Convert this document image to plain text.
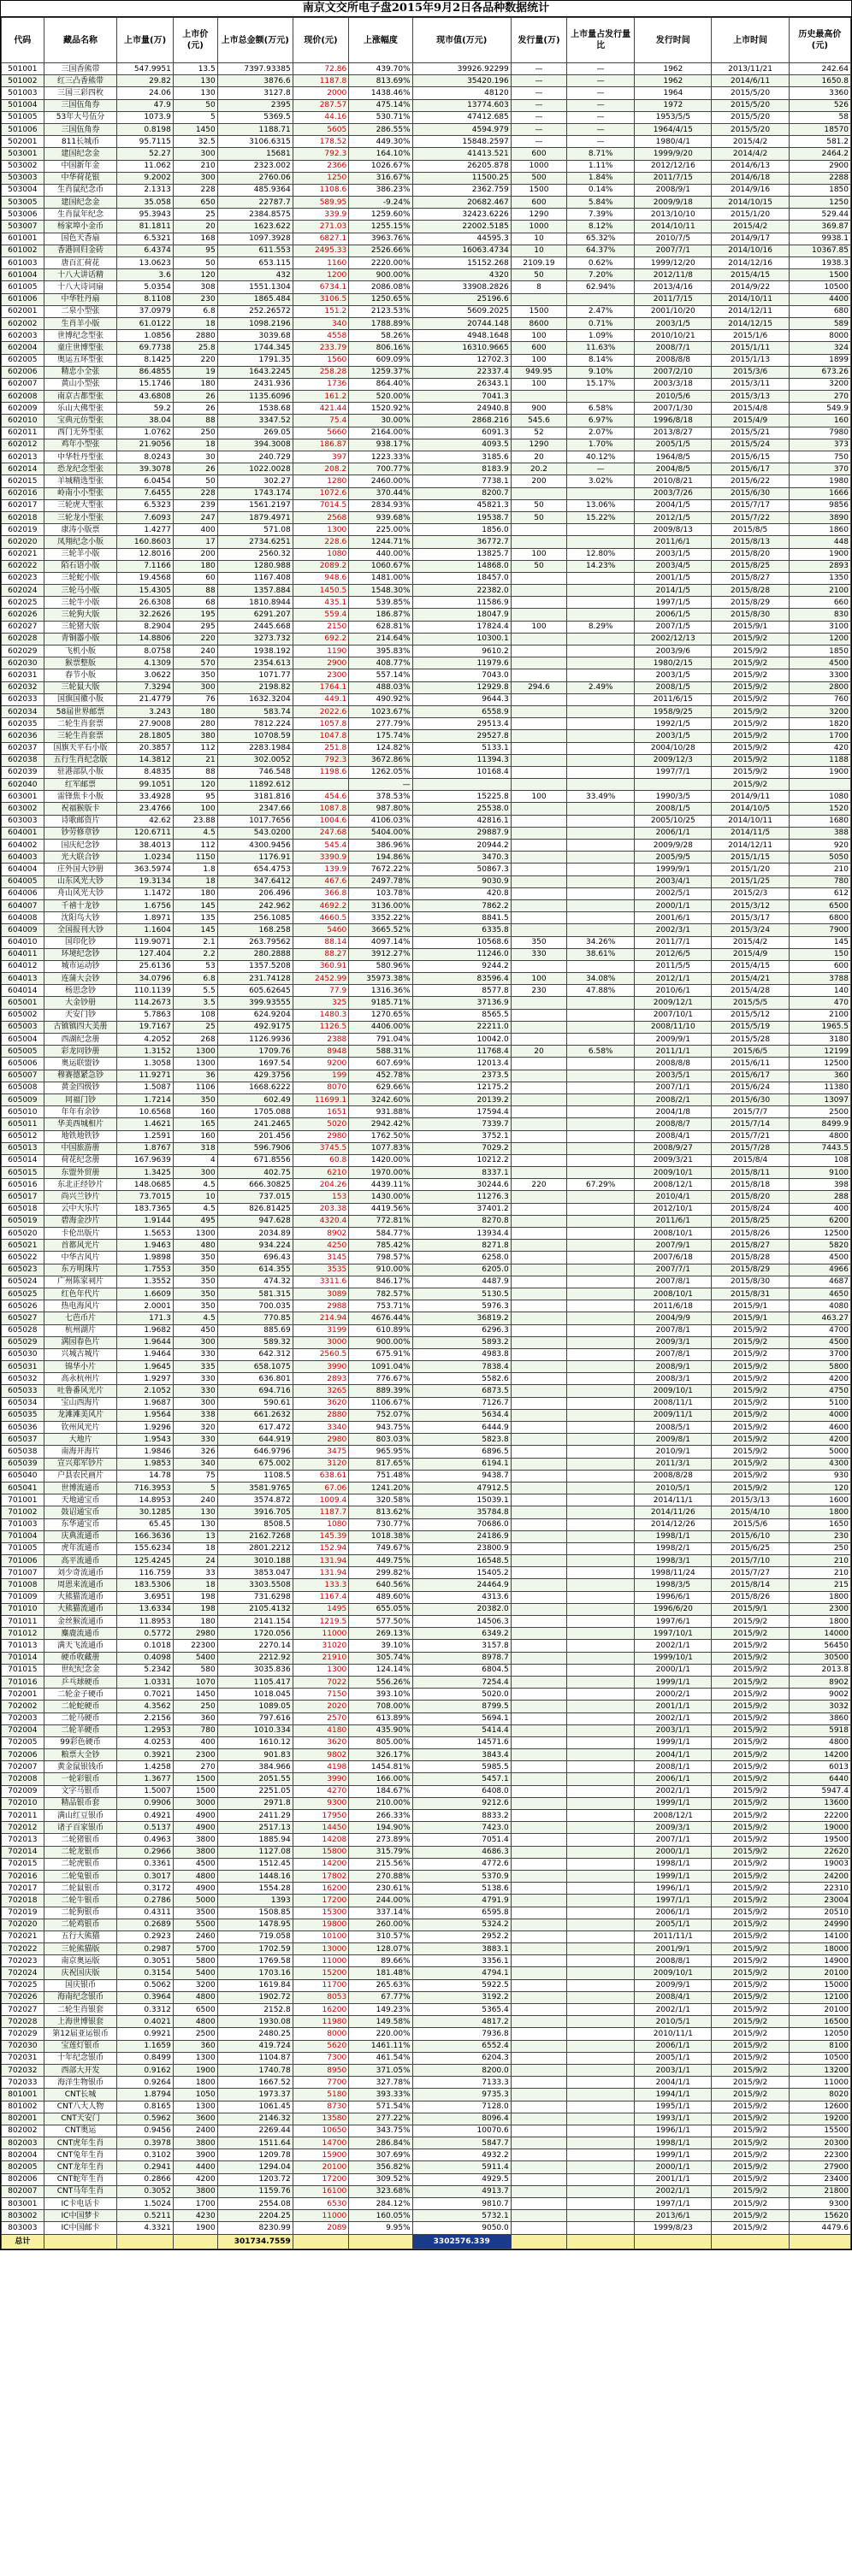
南京文交所电子盘2015年9月2日各品种数据统计
代码	藏品名称	上市量(万)	上市价(元)	上市总金额(万元)	现价(元)	上涨幅度	现市值(万元)	发行量(万)	上市量占发行量比	发行时间	上市时间	历史最高价(元)
501001	三国香熊带	547.9951	13.5	7397.93385	72.86	439.70%	39926.92299	—	—	1962	2013/11/21	242.64
501002	红三凸香熊带	29.82	130	3876.6	1187.8	813.69%	35420.196	—	—	1962	2014/6/11	1650.8
501003	三国三彩四枚	24.06	130	3127.8	2000	1438.46%	48120	—	—	1964	2015/5/20	3360
501004	三国伍角券	47.9	50	2395	287.57	475.14%	13774.603	—	—	1972	2015/5/20	526
501005	53年大号伍分	1073.9	5	5369.5	44.16	530.71%	47412.685	—	—	1953/5/5	2015/5/20	58
501006	三国伍角券	0.8198	1450	1188.71	5605	286.55%	4594.979	—	—	1964/4/15	2015/5/20	18570
502001	811长城币	95.7115	32.5	3106.6315	178.52	449.30%	15848.2597	—	—	1980/4/1	2015/4/2	581.2
503001	建国纪念金	52.27	300	15681	792.3	164.10%	41413.521	600	8.71%	1999/9/20	2014/4/2	2464.2
503002	中国新年金	11.062	210	2323.002	2366	1026.67%	26205.878	1000	1.11%	2012/12/16	2014/6/13	2900
503003	中华荷花银	9.2002	300	2760.06	1250	316.67%	11500.25	500	1.84%	2011/7/15	2014/6/18	2288
503004	生肖鼠纪念币	2.1313	228	485.9364	1108.6	386.23%	2362.759	1500	0.14%	2008/9/1	2014/9/16	1850
503005	建国纪念金	35.058	650	22787.7	589.95	-9.24%	20682.467	600	5.84%	2009/9/18	2014/10/15	1250
503006	生肖鼠年纪念	95.3943	25	2384.8575	339.9	1259.60%	32423.6226	1290	7.39%	2013/10/10	2015/1/20	529.44
503007	杨家埠小金币	81.1811	20	1623.622	271.03	1255.15%	22002.5185	1000	8.12%	2014/10/11	2015/4/2	369.87
601001	国色天香扇	6.5321	168	1097.3928	6827.1	3963.76%	44595.3	10	65.32%	2010/7/5	2014/9/17	9938.1
601002	香港回归金砖	6.4374	95	611.553	2495.33	2526.66%	16063.4734	10	64.37%	2007/7/1	2014/10/16	10367.85
601003	唐百汇荷花	13.0623	50	653.115	1160	2220.00%	15152.268	2109.19	0.62%	1999/12/20	2014/12/16	1938.3
601004	十八大讲话精	3.6	120	432	1200	900.00%	4320	50	7.20%	2012/11/8	2015/4/15	1500
601005	十八大诗词扇	5.0354	308	1551.1304	6734.1	2086.08%	33908.2826	8	62.94%	2013/4/16	2014/9/22	10500
601006	中华牡丹扇	8.1108	230	1865.484	3106.5	1250.65%	25196.6			2011/7/15	2014/10/11	4400
602001	二泉小型张	37.0979	6.8	252.26572	151.2	2123.53%	5609.2025	1500	2.47%	2001/10/20	2014/12/11	680
602002	生肖羊小版	61.0122	18	1098.2196	340	1788.89%	20744.148	8600	0.71%	2003/1/5	2014/12/15	589
602003	世博纪念型张	1.0856	2880	3039.68	4558	58.26%	4948.1648	100	1.09%	2010/10/21	2015/1/6	8000
602004	童庄世博型张	69.7738	25.8	1744.345	233.79	806.16%	16310.9665	600	11.63%	2008/7/1	2015/1/11	324
602005	奥运五环型张	8.1425	220	1791.35	1560	609.09%	12702.3	100	8.14%	2008/8/8	2015/1/13	1899
602006	精忠小全张	86.4855	19	1643.2245	258.28	1259.37%	22337.4	949.95	9.10%	2007/2/10	2015/3/6	673.26
602007	黄山小型张	15.1746	180	2431.936	1736	864.40%	26343.1	100	15.17%	2003/3/18	2015/3/11	3200
602008	南京古都型张	43.6808	26	1135.6096	161.2	520.00%	7041.3			2010/5/6	2015/3/13	270
602009	乐山大佛型张	59.2	26	1538.68	421.44	1520.92%	24940.8	900	6.58%	2007/1/30	2015/4/8	549.9
602010	宝典元仿型张	38.04	88	3347.52	75.4	30.00%	2868.216	545.6	6.97%	1996/8/18	2015/4/9	160
602011	西门无外型张	1.0762	250	269.05	5660	2164.00%	6091.3	52	2.07%	2013/8/27	2015/5/21	7980
602012	鸡年小型张	21.9056	18	394.3008	186.87	938.17%	4093.5	1290	1.70%	2005/1/5	2015/5/24	373
602013	中华牡丹型张	8.0243	30	240.729	397	1223.33%	3185.6	20	40.12%	1964/8/5	2015/6/15	750
602014	恐龙纪念型张	39.3078	26	1022.0028	208.2	700.77%	8183.9	20.2	—	2004/8/5	2015/6/17	370
602015	羊城精选型张	6.0454	50	302.27	1280	2460.00%	7738.1	200	3.02%	2010/8/21	2015/6/22	1980
602016	岭南小小型张	7.6455	228	1743.174	1072.6	370.44%	8200.7			2003/7/26	2015/6/30	1666
602017	三轮虎大型张	6.5323	239	1561.2197	7014.5	2834.93%	45821.3	50	13.06%	2004/1/5	2015/7/17	9856
602018	三轮龙小型张	7.6093	247	1879.4971	2568	939.68%	19538.7	50	15.22%	2012/1/5	2015/7/22	3890
602019	康涛小版票	1.4277	400	571.08	1300	225.00%	1856.0			2009/8/13	2015/8/5	1860
602020	凤翔纪念小版	160.8603	17	2734.6251	228.6	1244.71%	36772.7			2011/6/1	2015/8/13	448
602021	三轮羊小版	12.8016	200	2560.32	1080	440.00%	13825.7	100	12.80%	2003/1/5	2015/8/20	1900
602022	陌石语小版	7.1166	180	1280.988	2089.2	1060.67%	14868.0	50	14.23%	2003/4/5	2015/8/25	2893
602023	三轮蛇小版	19.4568	60	1167.408	948.6	1481.00%	18457.0			2001/1/5	2015/8/27	1350
602024	三轮马小版	15.4305	88	1357.884	1450.5	1548.30%	22382.0			2014/1/5	2015/8/28	2100
602025	三轮牛小版	26.6308	68	1810.8944	435.1	539.85%	11586.9			1997/1/5	2015/8/29	660
602026	三轮狗大版	32.2626	195	6291.207	559.4	186.87%	18047.9			2006/1/5	2015/8/30	830
602027	三轮猪大版	8.2904	295	2445.668	2150	628.81%	17824.4	100	8.29%	2007/1/5	2015/9/1	3100
602028	青铜器小版	14.8806	220	3273.732	692.2	214.64%	10300.1			2002/12/13	2015/9/2	1200
602029	飞机小版	8.0758	240	1938.192	1190	395.83%	9610.2			2003/9/6	2015/9/2	1850
602030	猴票整版	4.1309	570	2354.613	2900	408.77%	11979.6			1980/2/15	2015/9/2	4500
602031	春节小版	3.0622	350	1071.77	2300	557.14%	7043.0			2003/1/5	2015/9/2	3300
602032	三轮鼠大版	7.3294	300	2198.82	1764.1	488.03%	12929.8	294.6	2.49%	2008/1/5	2015/9/2	2800
602033	国旗国徽小版	21.4779	76	1632.3204	449.1	490.92%	9644.3			2011/6/15	2015/9/2	760
602034	58届世界邮票	3.243	180	583.74	2022.6	1023.67%	6558.9			1958/9/25	2015/9/2	3200
602035	二轮生肖套票	27.9008	280	7812.224	1057.8	277.79%	29513.4			1992/1/5	2015/9/2	1820
602036	三轮生肖套票	28.1805	380	10708.59	1047.8	175.74%	29527.8			2003/1/5	2015/9/2	1700
602037	国旗天平石小版	20.3857	112	2283.1984	251.8	124.82%	5133.1			2004/10/28	2015/9/2	420
602038	五行生肖纪念版	14.3812	21	302.0052	792.3	3672.86%	11394.3			2009/12/3	2015/9/2	1188
602039	驻港部队小版	8.4835	88	746.548	1198.6	1262.05%	10168.4			1997/7/1	2015/9/2	1900
602040	红军邮票	99.1051	120	11892.612		—					2015/9/2	
603001	雷锋焦卡小版	33.4928	95	3181.816	454.6	378.53%	15225.8	100	33.49%	1990/3/5	2014/9/11	1080
603002	祝福猴版卡	23.4766	100	2347.66	1087.8	987.80%	25538.0			2008/1/5	2014/10/5	1520
603003	诗歌邮资片	42.62	23.88	1017.7656	1004.6	4106.03%	42816.1			2005/10/25	2014/10/11	1680
604001	钞劳修章钞	120.6711	4.5	543.0200	247.68	5404.00%	29887.9			2006/1/1	2014/11/5	388
604002	国庆纪念钞	38.4013	112	4300.9456	545.4	386.96%	20944.2			2009/9/28	2014/12/11	920
604003	光大联合钞	1.0234	1150	1176.91	3390.9	194.86%	3470.3			2005/9/5	2015/1/15	5050
604004	庄外国大钞册	363.5974	1.8	654.4753	139.9	7672.22%	50867.3			1999/9/1	2015/1/20	210
604005	山东风光大钞	19.3134	18	347.6412	467.6	2497.78%	9030.9			2003/4/1	2015/1/25	780
604006	舟山风光大钞	1.1472	180	206.496	366.8	103.78%	420.8			2002/5/1	2015/2/3	612
604007	千禧十龙钞	1.6756	145	242.962	4692.2	3136.00%	7862.2			2000/1/1	2015/3/12	6500
604008	沈阳鸟大钞	1.8971	135	256.1085	4660.5	3352.22%	8841.5			2001/6/1	2015/3/17	6800
604009	全国报刊大钞	1.1604	145	168.258	5460	3665.52%	6335.8			2002/3/1	2015/3/24	7900
604010	国印化钞	119.9071	2.1	263.79562	88.14	4097.14%	10568.6	350	34.26%	2011/7/1	2015/4/2	145
604011	环境纪念钞	127.404	2.2	280.2888	88.27	3912.27%	11246.0	330	38.61%	2012/6/5	2015/4/9	150
604012	城市运动钞	25.6136	53	1357.5208	360.91	580.96%	9244.2			2011/5/5	2015/4/15	600
604013	连蒲大会钞	34.0796	6.8	231.74128	2452.99	35973.38%	83596.4	100	34.08%	2012/1/1	2015/4/21	3788
604014	杨思念钞	110.1139	5.5	605.62645	77.9	1316.36%	8577.8	230	47.88%	2010/6/1	2015/4/28	140
605001	大金钞册	114.2673	3.5	399.93555	325	9185.71%	37136.9			2009/12/1	2015/5/5	470
605002	天安门钞	5.7863	108	624.9204	1480.3	1270.65%	8565.5			2007/10/1	2015/5/12	2100
605003	古镇镇四大美册	19.7167	25	492.9175	1126.5	4406.00%	22211.0			2008/11/10	2015/5/19	1965.5
605004	西湖纪念册	4.2052	268	1126.9936	2388	791.04%	10042.0			2009/9/1	2015/5/28	3180
605005	彩龙同钞册	1.3152	1300	1709.76	8948	588.31%	11768.4	20	6.58%	2011/1/1	2015/6/5	12199
605006	奥运联盟钞	1.3058	1300	1697.54	9200	607.69%	12013.4			2008/8/8	2015/6/11	12500
605007	穆赛德紧急钞	11.9271	36	429.3756	199	452.78%	2373.5			2003/5/1	2015/6/17	360
605008	黄金四级钞	1.5087	1106	1668.6222	8070	629.66%	12175.2			2007/1/1	2015/6/24	11380
605009	同福门钞	1.7214	350	602.49	11699.1	3242.60%	20139.2			2008/2/1	2015/6/30	13097
605010	年年有余钞	10.6568	160	1705.088	1651	931.88%	17594.4			2004/1/8	2015/7/7	2500
605011	华美西城相片	1.4621	165	241.2465	5020	2942.42%	7339.7			2008/8/7	2015/7/14	8499.9
605012	地铁地铁钞	1.2591	160	201.456	2980	1762.50%	3752.1			2008/4/1	2015/7/21	4800
605013	中国旅游册	1.8767	318	596.7906	3745.5	1077.83%	7029.2			2008/9/27	2015/7/28	7443.5
605014	荷花纪念册	167.9639	4	671.8556	60.8	1420.00%	10212.2			2009/3/21	2015/8/4	108
605015	东盟外贸册	1.3425	300	402.75	6210	1970.00%	8337.1			2009/10/1	2015/8/11	9100
605016	东北正经钞片	148.0685	4.5	666.30825	204.26	4439.11%	30244.6	220	67.29%	2008/12/1	2015/8/18	398
605017	尚兴兰钞片	73.7015	10	737.015	153	1430.00%	11276.3			2010/4/1	2015/8/20	288
605018	云中大乐片	183.7365	4.5	826.81425	203.38	4419.56%	37401.2			2012/10/1	2015/8/24	400
605019	碧海金沙片	1.9144	495	947.628	4320.4	772.81%	8270.8			2011/6/1	2015/8/25	6200
605020	卡伦出版片	1.5653	1300	2034.89	8902	584.77%	13934.4			2008/10/1	2015/8/26	12500
605021	首都风光片	1.9463	480	934.224	4250	785.42%	8271.8			2007/9/1	2015/8/27	5820
605022	中华古风片	1.9898	350	696.43	3145	798.57%	6258.0			2007/6/18	2015/8/28	4500
605023	东方明珠片	1.7553	350	614.355	3535	910.00%	6205.0			2007/7/1	2015/8/29	4966
605024	广州陈家祠片	1.3552	350	474.32	3311.6	846.17%	4487.9			2007/8/1	2015/8/30	4687
605025	红色年代片	1.6609	350	581.315	3089	782.57%	5130.5			2008/10/1	2015/8/31	4650
605026	热电海风片	2.0001	350	700.035	2988	753.71%	5976.3			2011/6/18	2015/9/1	4080
605027	七芭币片	171.3	4.5	770.85	214.94	4676.44%	36819.2			2004/9/9	2015/9/1	463.27
605028	杭州湖片	1.9682	450	885.69	3199	610.89%	6296.3			2007/8/1	2015/9/2	4700
605029	满园春色片	1.9644	300	589.32	3000	900.00%	5893.2			2009/3/1	2015/9/2	4500
605030	兴城古城片	1.9464	330	642.312	2560.5	675.91%	4983.8			2007/8/1	2015/9/2	3700
605031	锦华小片	1.9645	335	658.1075	3990	1091.04%	7838.4			2008/9/1	2015/9/2	5800
605032	高永杭州片	1.9297	330	636.801	2893	776.67%	5582.6			2008/3/1	2015/9/2	4200
605033	吐鲁番风光片	2.1052	330	694.716	3265	889.39%	6873.5			2009/10/1	2015/9/2	4750
605034	宝山西海片	1.9687	300	590.61	3620	1106.67%	7126.7			2008/11/1	2015/9/2	5100
605035	龙滩滩美风片	1.9564	338	661.2632	2880	752.07%	5634.4			2009/11/1	2015/9/2	4000
605036	钦州风光片	1.9296	320	617.472	3340	943.75%	6444.9			2008/5/1	2015/9/2	4600
605037	大地片	1.9543	330	644.919	2980	803.03%	5823.8			2009/8/1	2015/9/2	4200
605038	南海开海片	1.9846	326	646.9796	3475	965.95%	6896.5			2010/9/1	2015/9/2	5000
605039	宣兴郑军钞片	1.9853	340	675.002	3120	817.65%	6194.1			2011/3/1	2015/9/2	4300
605040	户县农民画片	14.78	75	1108.5	638.61	751.48%	9438.7			2008/8/28	2015/9/2	930
605041	世博流通币	716.3953	5	3581.9765	67.06	1241.20%	47912.5			2010/5/1	2015/9/2	120
701001	天地通宝币	14.8953	240	3574.872	1009.4	320.58%	15039.1			2014/11/1	2015/3/13	1600
701002	鼓诏通宝币	30.1285	130	3916.705	1187.7	813.62%	35784.8			2014/11/26	2015/4/10	1800
701003	东华通宝币	65.45	130	8508.5	1080	730.77%	70686.0			2014/12/26	2015/5/6	1650
701004	庆典流通币	166.3636	13	2162.7268	145.39	1018.38%	24186.9			1998/1/1	2015/6/10	230
701005	虎年流通币	155.6234	18	2801.2212	152.94	749.67%	23800.9			1998/2/1	2015/6/25	250
701006	高平流通币	125.4245	24	3010.188	131.94	449.75%	16548.5			1998/3/1	2015/7/10	210
701007	刘少奇流通币	116.759	33	3853.047	131.94	299.82%	15405.2			1998/11/24	2015/7/27	210
701008	周恩来流通币	183.5306	18	3303.5508	133.3	640.56%	24464.9			1998/3/5	2015/8/14	215
701009	大熊猫流通币	3.6951	198	731.6298	1167.4	489.60%	4313.6			1996/6/1	2015/8/26	1800
701010	大熊猫流通币	13.6334	198	2105.4132	1495	655.05%	20382.0			1996/6/20	2015/9/1	2300
701011	金丝猴流通币	11.8953	180	2141.154	1219.5	577.50%	14506.3			1997/6/1	2015/9/2	1800
701012	麋鹿流通币	0.5772	2980	1720.056	11000	269.13%	6349.2			1997/10/1	2015/9/2	14000
701013	满天飞流通币	0.1018	22300	2270.14	31020	39.10%	3157.8			2002/1/1	2015/9/2	56450
701014	硬币收藏册	0.4098	5400	2212.92	21910	305.74%	8978.7			1999/10/1	2015/9/2	30500
701015	世纪纪念金	5.2342	580	3035.836	1300	124.14%	6804.5			2000/1/1	2015/9/2	2013.8
701016	乒乓球硬币	1.0331	1070	1105.417	7022	556.26%	7254.4			1999/1/1	2015/9/2	8902
702001	二轮金子硬币	0.7021	1450	1018.045	7150	393.10%	5020.0			2000/2/1	2015/9/2	9002
702002	二轮蛇硬币	4.3562	250	1089.05	2020	708.00%	8799.5			2001/1/1	2015/9/2	3032
702003	二轮马硬币	2.2156	360	797.616	2570	613.89%	5694.1			2002/1/1	2015/9/2	3860
702004	二轮羊硬币	1.2953	780	1010.334	4180	435.90%	5414.4			2003/1/1	2015/9/2	5918
702005	99彩色硬币	4.0253	400	1610.12	3620	805.00%	14571.6			1999/1/1	2015/9/2	4800
702006	粮票大全钞	0.3921	2300	901.83	9802	326.17%	3843.4			2004/1/1	2015/9/2	14200
702007	黄金鼠银钱币	1.4258	270	384.966	4198	1454.81%	5985.5			2008/1/1	2015/9/2	6013
702008	一轮彩银币	1.3677	1500	2051.55	3990	166.00%	5457.1			2006/1/1	2015/9/2	6440
702009	文字马银币	1.5007	1500	2251.05	4270	184.67%	6408.0			2002/1/1	2015/9/2	5947.4
702010	精品银币套	0.9906	3000	2971.8	9300	210.00%	9212.6			1999/1/1	2015/9/2	13600
702011	满山红豆银币	0.4921	4900	2411.29	17950	266.33%	8833.2			2008/12/1	2015/9/2	22200
702012	诸子百家银币	0.5137	4900	2517.13	14450	194.90%	7423.0			2009/3/1	2015/9/2	19000
702013	二轮猪银币	0.4963	3800	1885.94	14208	273.89%	7051.4			2007/1/1	2015/9/2	19500
702014	二轮龙银币	0.2966	3800	1127.08	15800	315.79%	4686.3			2000/1/1	2015/9/2	22620
702015	二轮虎银币	0.3361	4500	1512.45	14200	215.56%	4772.6			1998/1/1	2015/9/2	19003
702016	二轮兔银币	0.3017	4800	1448.16	17802	270.88%	5370.9			1999/1/1	2015/9/2	24200
702017	二轮鼠银币	0.3172	4900	1554.28	16200	230.61%	5138.6			1996/1/1	2015/9/2	22310
702018	二轮牛银币	0.2786	5000	1393	17200	244.00%	4791.9			1997/1/1	2015/9/2	23004
702019	二轮狗银币	0.4311	3500	1508.85	15300	337.14%	6595.8			2006/1/1	2015/9/2	20510
702020	二轮鸡银币	0.2689	5500	1478.95	19800	260.00%	5324.2			2005/1/1	2015/9/2	24990
702021	五行大熊猫	0.2923	2460	719.058	10100	310.57%	2952.2			2011/11/1	2015/9/2	14100
702022	三轮熊猫版	0.2987	5700	1702.59	13000	128.07%	3883.1			2001/9/1	2015/9/2	18000
702023	南京奥运版	0.3051	5800	1769.58	11000	89.66%	3356.1			2008/8/1	2015/9/2	14900
702024	庆祝国庆版	0.3154	5400	1703.16	15200	181.48%	4794.1			2009/10/1	2015/9/2	20100
702025	国庆银币	0.5062	3200	1619.84	11700	265.63%	5922.5			2009/9/1	2015/9/2	15000
702026	海南纪念银币	0.3964	4800	1902.72	8053	67.77%	3192.2			2008/4/1	2015/9/2	12100
702027	二轮生肖银套	0.3312	6500	2152.8	16200	149.23%	5365.4			2002/1/1	2015/9/2	20100
702028	上海世博银套	0.4021	4800	1930.08	11980	149.58%	4817.2			2010/5/1	2015/9/2	16500
702029	第12届亚运银币	0.9921	2500	2480.25	8000	220.00%	7936.8			2010/11/1	2015/9/2	12050
702030	宝莲灯银币	1.1659	360	419.724	5620	1461.11%	6552.4			2006/1/1	2015/9/2	8100
702031	十年纪念银币	0.8499	1300	1104.87	7300	461.54%	6204.3			2005/1/1	2015/9/2	10500
702032	西部大开发	0.9162	1900	1740.78	8950	371.05%	8200.0			2003/1/1	2015/9/2	13200
702033	海洋生物银币	0.9264	1800	1667.52	7700	327.78%	7133.3			2004/1/1	2015/9/2	11000
801001	CNT长城	1.8794	1050	1973.37	5180	393.33%	9735.3			1994/1/1	2015/9/2	8020
801002	CNT八大人物	0.8165	1300	1061.45	8730	571.54%	7128.0			1995/1/1	2015/9/2	12600
802001	CNT天安门	0.5962	3600	2146.32	13580	277.22%	8096.4			1993/1/1	2015/9/2	19200
802002	CNT奥运	0.9456	2400	2269.44	10650	343.75%	10070.6			1996/1/1	2015/9/2	15500
802003	CNT虎年生肖	0.3978	3800	1511.64	14700	286.84%	5847.7			1998/1/1	2015/9/2	20300
802004	CNT兔年生肖	0.3102	3900	1209.78	15900	307.69%	4932.2			1999/1/1	2015/9/2	22300
802005	CNT龙年生肖	0.2941	4400	1294.04	20100	356.82%	5911.4			2000/1/1	2015/9/2	27900
802006	CNT蛇年生肖	0.2866	4200	1203.72	17200	309.52%	4929.5			2001/1/1	2015/9/2	23400
802007	CNT马年生肖	0.3052	3800	1159.76	16100	323.68%	4913.7			2002/1/1	2015/9/2	21800
803001	IC卡电话卡	1.5024	1700	2554.08	6530	284.12%	9810.7			1997/1/1	2015/9/2	9300
803002	IC中国梦卡	0.5211	4230	2204.25	11000	160.05%	5732.1			2013/6/1	2015/9/2	15620
803003	IC中国邮卡	4.3321	1900	8230.99	2089	9.95%	9050.0			1999/8/23	2015/9/2	4479.6
总计				301734.7559			3302576.339					
